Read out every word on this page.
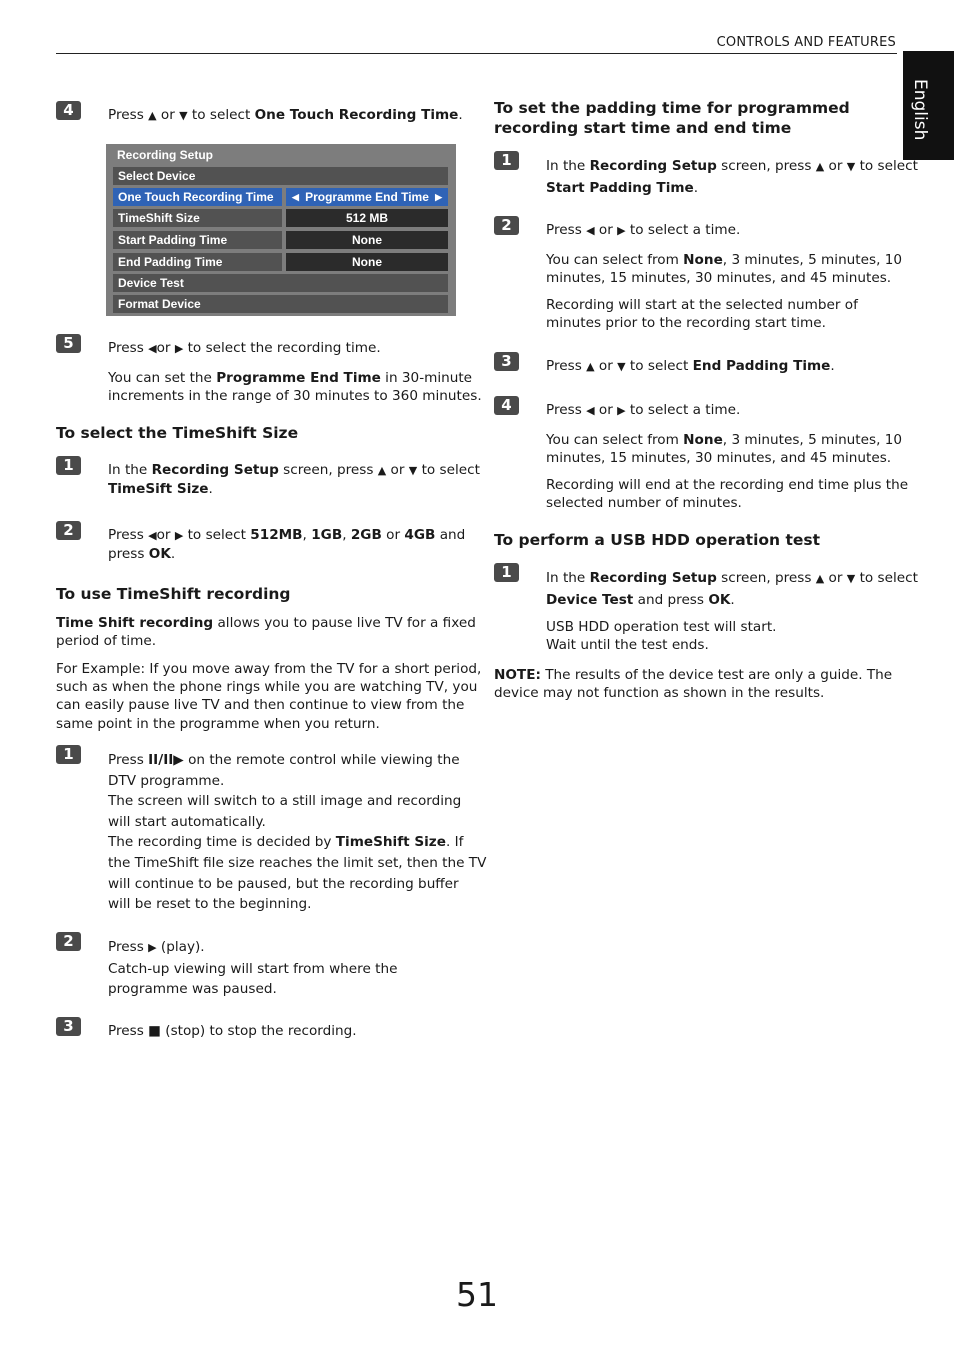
CONTROLS AND FEATURES
English
4	Press ▲ or ▼ to select One Touch Recording Time.
Recording Setup
Select Device
One Touch Recording Time	◀ Programme End Time ▶
TimeShift Size	512 MB
Start Padding Time	None
End Padding Time	None
Device Test
Format Device
5	Press ◀or ▶ to select the recording time.
You can set the Programme End Time in 30-minute
increments in the range of 30 minutes to 360 minutes.
To select the TimeShift Size
1	In the Recording Setup screen, press ▲ or ▼ to select
TimeSift Size.
2	Press ◀or ▶ to select 512MB, 1GB, 2GB or 4GB and
press OK.
To use TimeShift recording
Time Shift recording allows you to pause live TV for a fixed
period of time.
For Example: If you move away from the TV for a short period,
such as when the phone rings while you are watching TV, you
can easily pause live TV and then continue to view from the
same point in the programme when you return.
1	Press II/II▶ on the remote control while viewing the
DTV programme.
The screen will switch to a still image and recording
will start automatically.
The recording time is decided by TimeShift Size. If
the TimeShift file size reaches the limit set, then the TV
will continue to be paused, but the recording buffer
will be reset to the beginning.
2	Press ▶ (play).
Catch-up viewing will start from where the
programme was paused.
3	Press ■ (stop) to stop the recording.
To set the padding time for programmed
recording start time and end time
1	In the Recording Setup screen, press ▲ or ▼ to select
Start Padding Time.
2	Press ◀ or ▶ to select a time.
You can select from None, 3 minutes, 5 minutes, 10
minutes, 15 minutes, 30 minutes, and 45 minutes.
Recording will start at the selected number of
minutes prior to the recording start time.
3	Press ▲ or ▼ to select End Padding Time.
4	Press ◀ or ▶ to select a time.
You can select from None, 3 minutes, 5 minutes, 10
minutes, 15 minutes, 30 minutes, and 45 minutes.
Recording will end at the recording end time plus the
selected number of minutes.
To perform a USB HDD operation test
1	In the Recording Setup screen, press ▲ or ▼ to select
Device Test and press OK.
USB HDD operation test will start.
Wait until the test ends.
NOTE: The results of the device test are only a guide. The
device may not function as shown in the results.
51
